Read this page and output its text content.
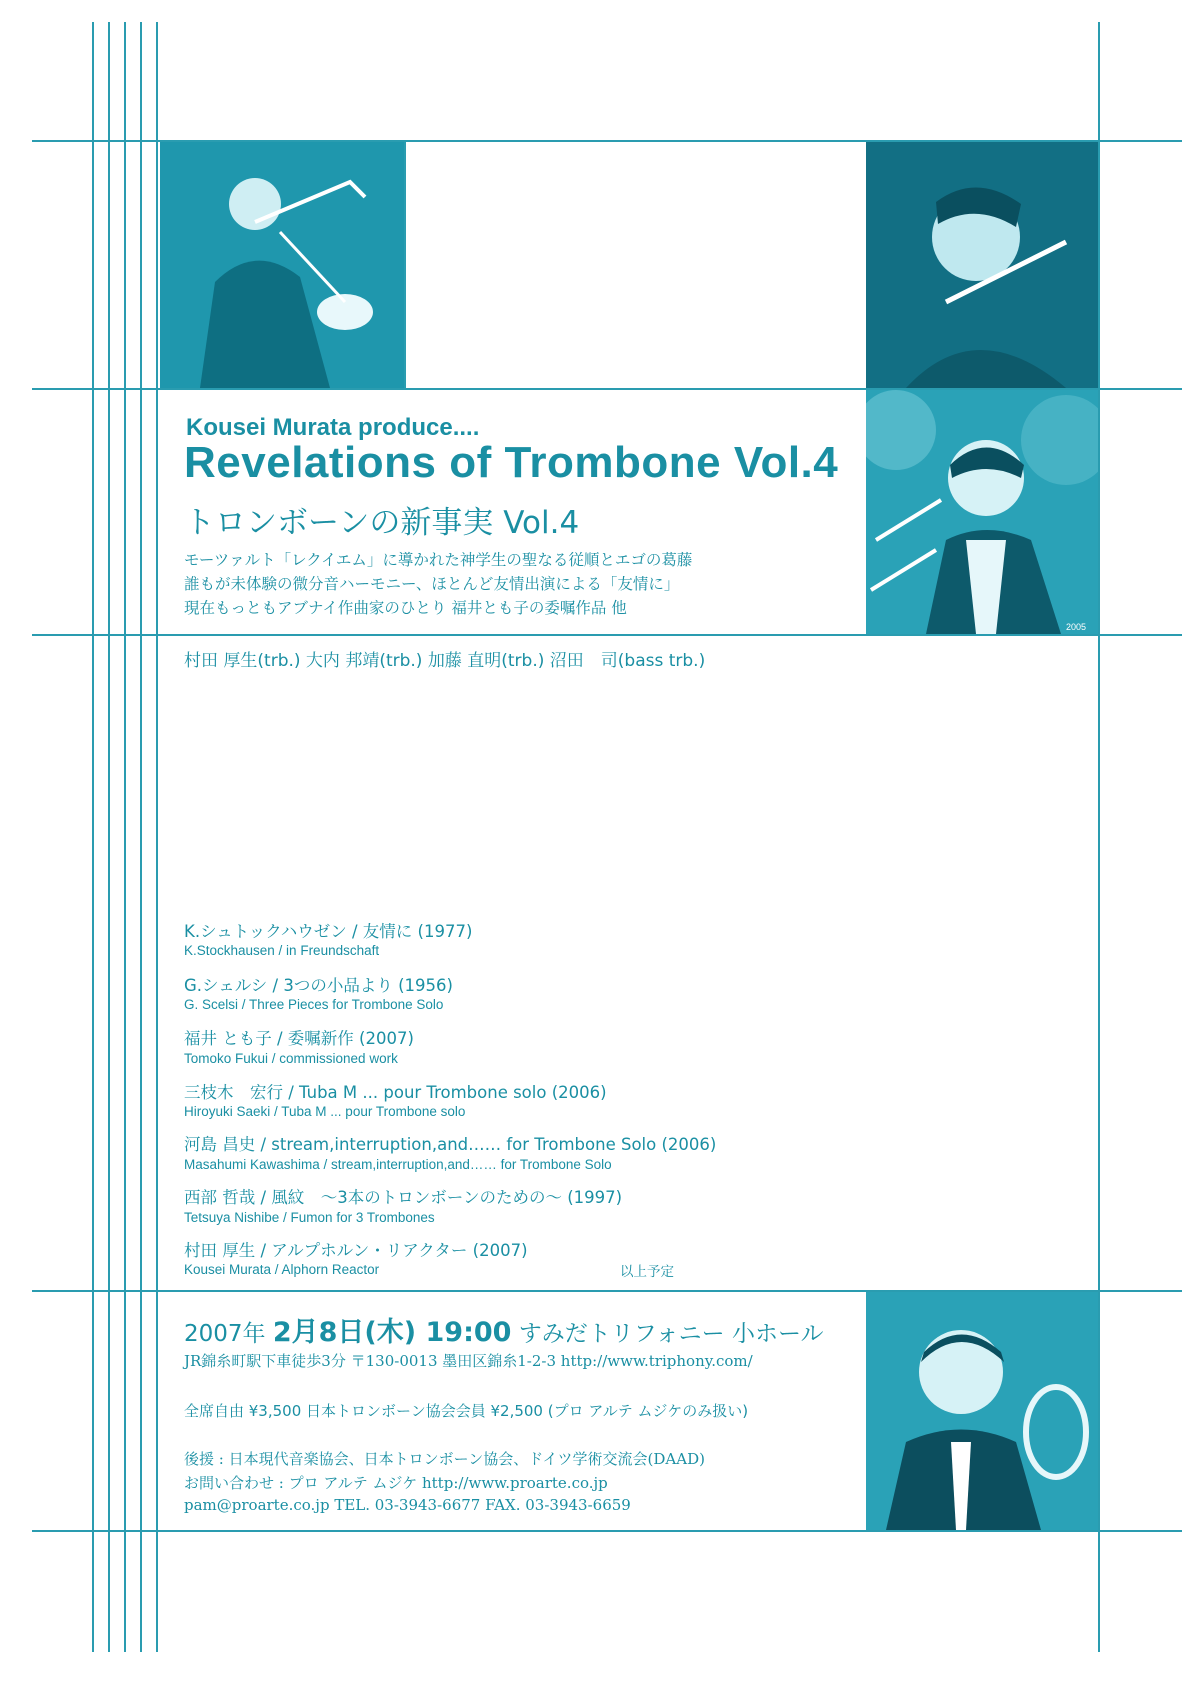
2005
Kousei Murata produce....
Revelations of Trombone Vol.4
トロンボーンの新事実 Vol.4
モーツァルト「レクイエム」に導かれた神学生の聖なる従順とエゴの葛藤
誰もが未体験の微分音ハーモニー、ほとんど友情出演による「友情に」
現在もっともアブナイ作曲家のひとり 福井とも子の委嘱作品 他
村田 厚生(trb.) 大内 邦靖(trb.) 加藤 直明(trb.) 沼田　司(bass trb.)
K.シュトックハウゼン / 友情に (1977)
K.Stockhausen / in Freundschaft
G.シェルシ / 3つの小品より (1956)
G. Scelsi / Three Pieces for Trombone Solo
福井 とも子 / 委嘱新作 (2007)
Tomoko Fukui / commissioned work
三枝木　宏行 / Tuba M ... pour Trombone solo (2006)
Hiroyuki Saeki / Tuba M ... pour Trombone solo
河島 昌史 / stream,interruption,and…… for Trombone Solo (2006)
Masahumi Kawashima / stream,interruption,and…… for Trombone Solo
西部 哲哉 / 風紋　～3本のトロンボーンのための～ (1997)
Tetsuya Nishibe / Fumon for 3 Trombones
村田 厚生 / アルプホルン・リアクター (2007)
Kousei Murata / Alphorn Reactor	以上予定
2007年 2月8日(木) 19:00 すみだトリフォニー 小ホール
JR錦糸町駅下車徒歩3分 〒130-0013 墨田区錦糸1-2-3 http://www.triphony.com/
全席自由 ¥3,500 日本トロンボーン協会会員 ¥2,500 (プロ アルテ ムジケのみ扱い)
後援 : 日本現代音楽協会、日本トロンボーン協会、ドイツ学術交流会(DAAD)
お問い合わせ : プロ アルテ ムジケ http://www.proarte.co.jp
pam@proarte.co.jp TEL. 03-3943-6677 FAX. 03-3943-6659
